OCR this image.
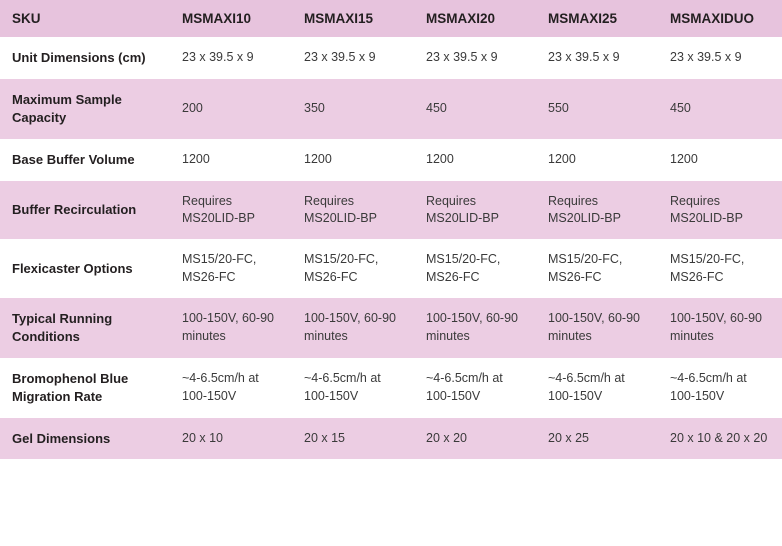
SKU	MSMAXI10	MSMAXI15	MSMAXI20	MSMAXI25	MSMAXIDUO
Unit Dimensions (cm)	23 x 39.5 x 9	23 x 39.5 x 9	23 x 39.5 x 9	23 x 39.5 x 9	23 x 39.5 x 9
Maximum Sample Capacity	200	350	450	550	450
Base Buffer Volume	1200	1200	1200	1200	1200
Buffer Recirculation	Requires MS20LID-BP	Requires MS20LID-BP	Requires MS20LID-BP	Requires MS20LID-BP	Requires MS20LID-BP
Flexicaster Options	MS15/20-FC, MS26-FC	MS15/20-FC, MS26-FC	MS15/20-FC, MS26-FC	MS15/20-FC, MS26-FC	MS15/20-FC, MS26-FC
Typical Running Conditions	100-150V, 60-90 minutes	100-150V, 60-90 minutes	100-150V, 60-90 minutes	100-150V, 60-90 minutes	100-150V, 60-90 minutes
Bromophenol Blue Migration Rate	~4-6.5cm/h at 100-150V	~4-6.5cm/h at 100-150V	~4-6.5cm/h at 100-150V	~4-6.5cm/h at 100-150V	~4-6.5cm/h at 100-150V
Gel Dimensions	20 x 10	20 x 15	20 x 20	20 x 25	20 x 10 & 20 x 20
